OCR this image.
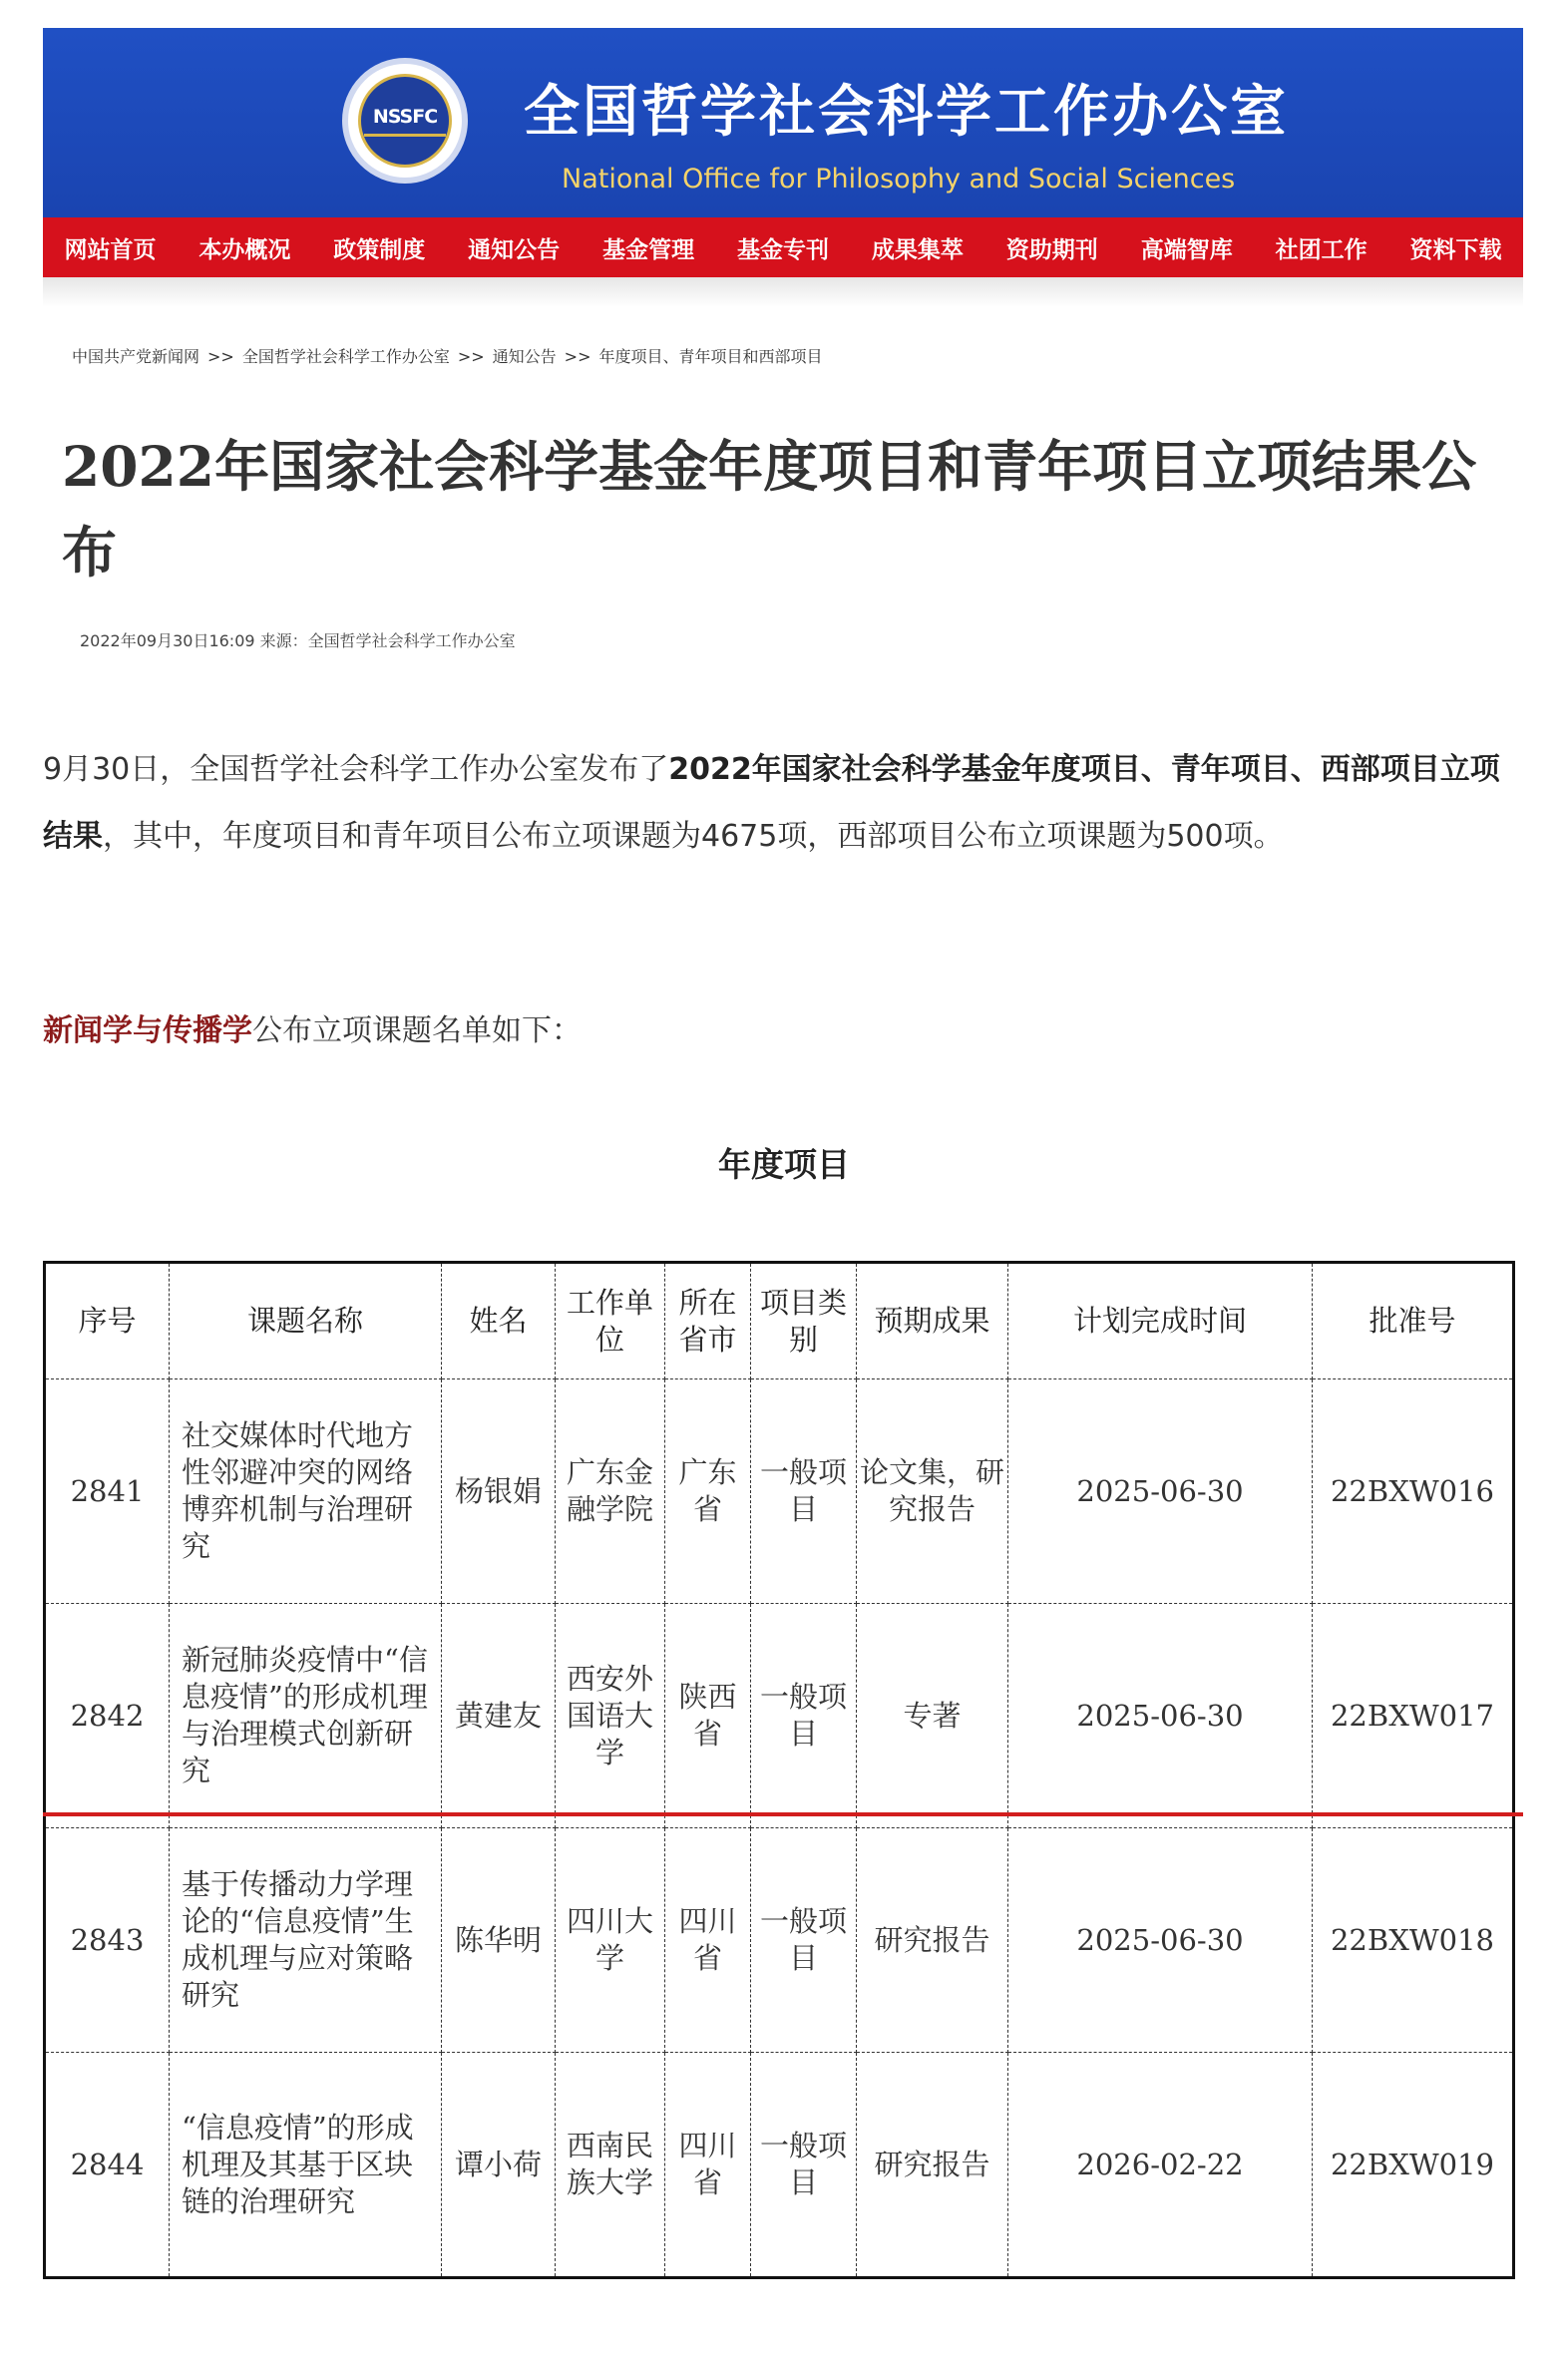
NSSFC	全国哲学社会科学工作办公室
National Office for Philosophy and Social Sciences
网站首页	本办概况	政策制度	通知公告	基金管理	基金专刊	成果集萃	资助期刊	高端智库	社团工作	资料下载
中国共产党新闻网 >> 全国哲学社会科学工作办公室 >> 通知公告 >> 年度项目、青年项目和西部项目
2022年国家社会科学基金年度项目和青年项目立项结果公布
2022年09月30日16:09 来源：全国哲学社会科学工作办公室
9月30日，全国哲学社会科学工作办公室发布了2022年国家社会科学基金年度项目、青年项目、西部项目立项结果，其中，年度项目和青年项目公布立项课题为4675项，西部项目公布立项课题为500项。
新闻学与传播学公布立项课题名单如下：
年度项目
序号	课题名称	姓名	工作单位	所在省市	项目类别	预期成果	计划完成时间	批准号
2841	社交媒体时代地方性邻避冲突的网络博弈机制与治理研究	杨银娟	广东金融学院	广东省	一般项目	论文集，研究报告	2025-06-30	22BXW016
2842	新冠肺炎疫情中“信息疫情”的形成机理与治理模式创新研究	黄建友	西安外国语大学	陕西省	一般项目	专著	2025-06-30	22BXW017
2843	基于传播动力学理论的“信息疫情”生成机理与应对策略研究	陈华明	四川大学	四川省	一般项目	研究报告	2025-06-30	22BXW018
2844	“信息疫情”的形成机理及其基于区块链的治理研究	谭小荷	西南民族大学	四川省	一般项目	研究报告	2026-02-22	22BXW019
